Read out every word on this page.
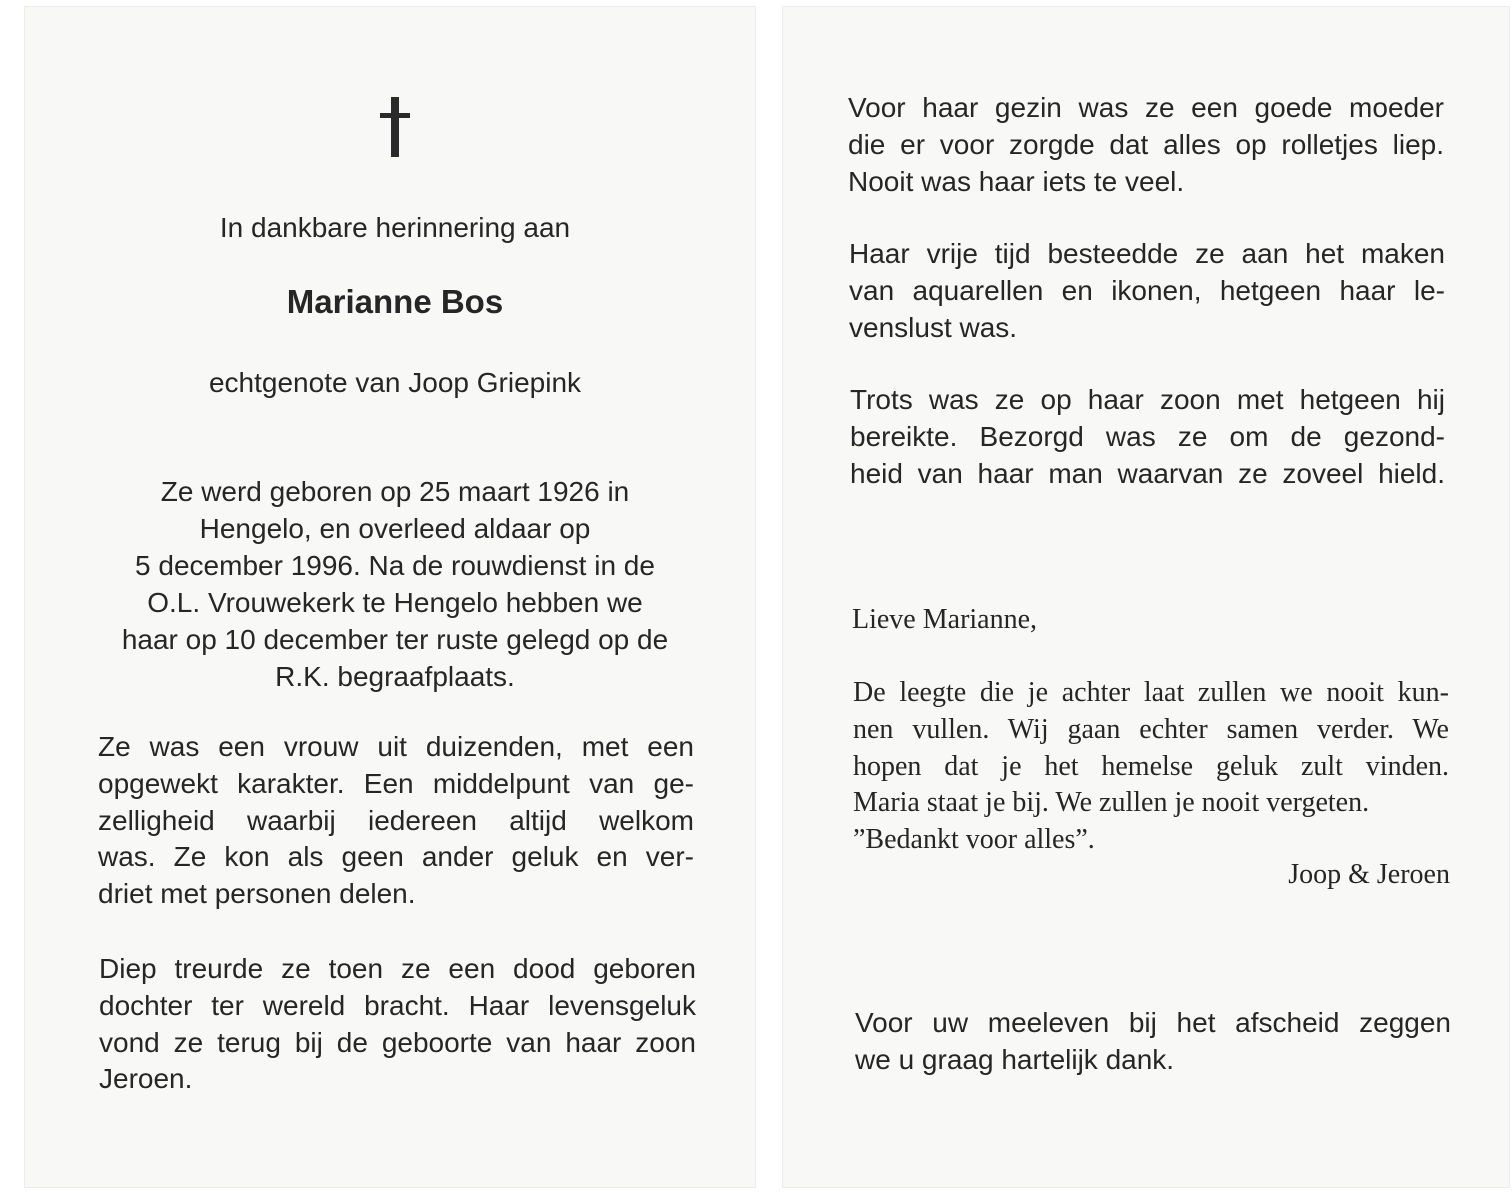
In dankbare herinnering aan
Marianne Bos
echtgenote van Joop Griepink
Ze werd geboren op 25 maart 1926 in
Hengelo, en overleed aldaar op
5 december 1996. Na de rouwdienst in de
O.L. Vrouwekerk te Hengelo hebben we
haar op 10 december ter ruste gelegd op de
R.K. begraafplaats.
Ze was een vrouw uit duizenden, met een
opgewekt karakter. Een middelpunt van ge-
zelligheid waarbij iedereen altijd welkom
was. Ze kon als geen ander geluk en ver-
driet met personen delen.
Diep treurde ze toen ze een dood geboren
dochter ter wereld bracht. Haar levensgeluk
vond ze terug bij de geboorte van haar zoon
Jeroen.
Voor haar gezin was ze een goede moeder
die er voor zorgde dat alles op rolletjes liep.
Nooit was haar iets te veel.
Haar vrije tijd besteedde ze aan het maken
van aquarellen en ikonen, hetgeen haar le-
venslust was.
Trots was ze op haar zoon met hetgeen hij
bereikte. Bezorgd was ze om de gezond-
heid van haar man waarvan ze zoveel hield.
Lieve Marianne,
De leegte die je achter laat zullen we nooit kun-
nen vullen. Wij gaan echter samen verder. We
hopen dat je het hemelse geluk zult vinden.
Maria staat je bij. We zullen je nooit vergeten.
”Bedankt voor alles”.
Joop & Jeroen
Voor uw meeleven bij het afscheid zeggen
we u graag hartelijk dank.
